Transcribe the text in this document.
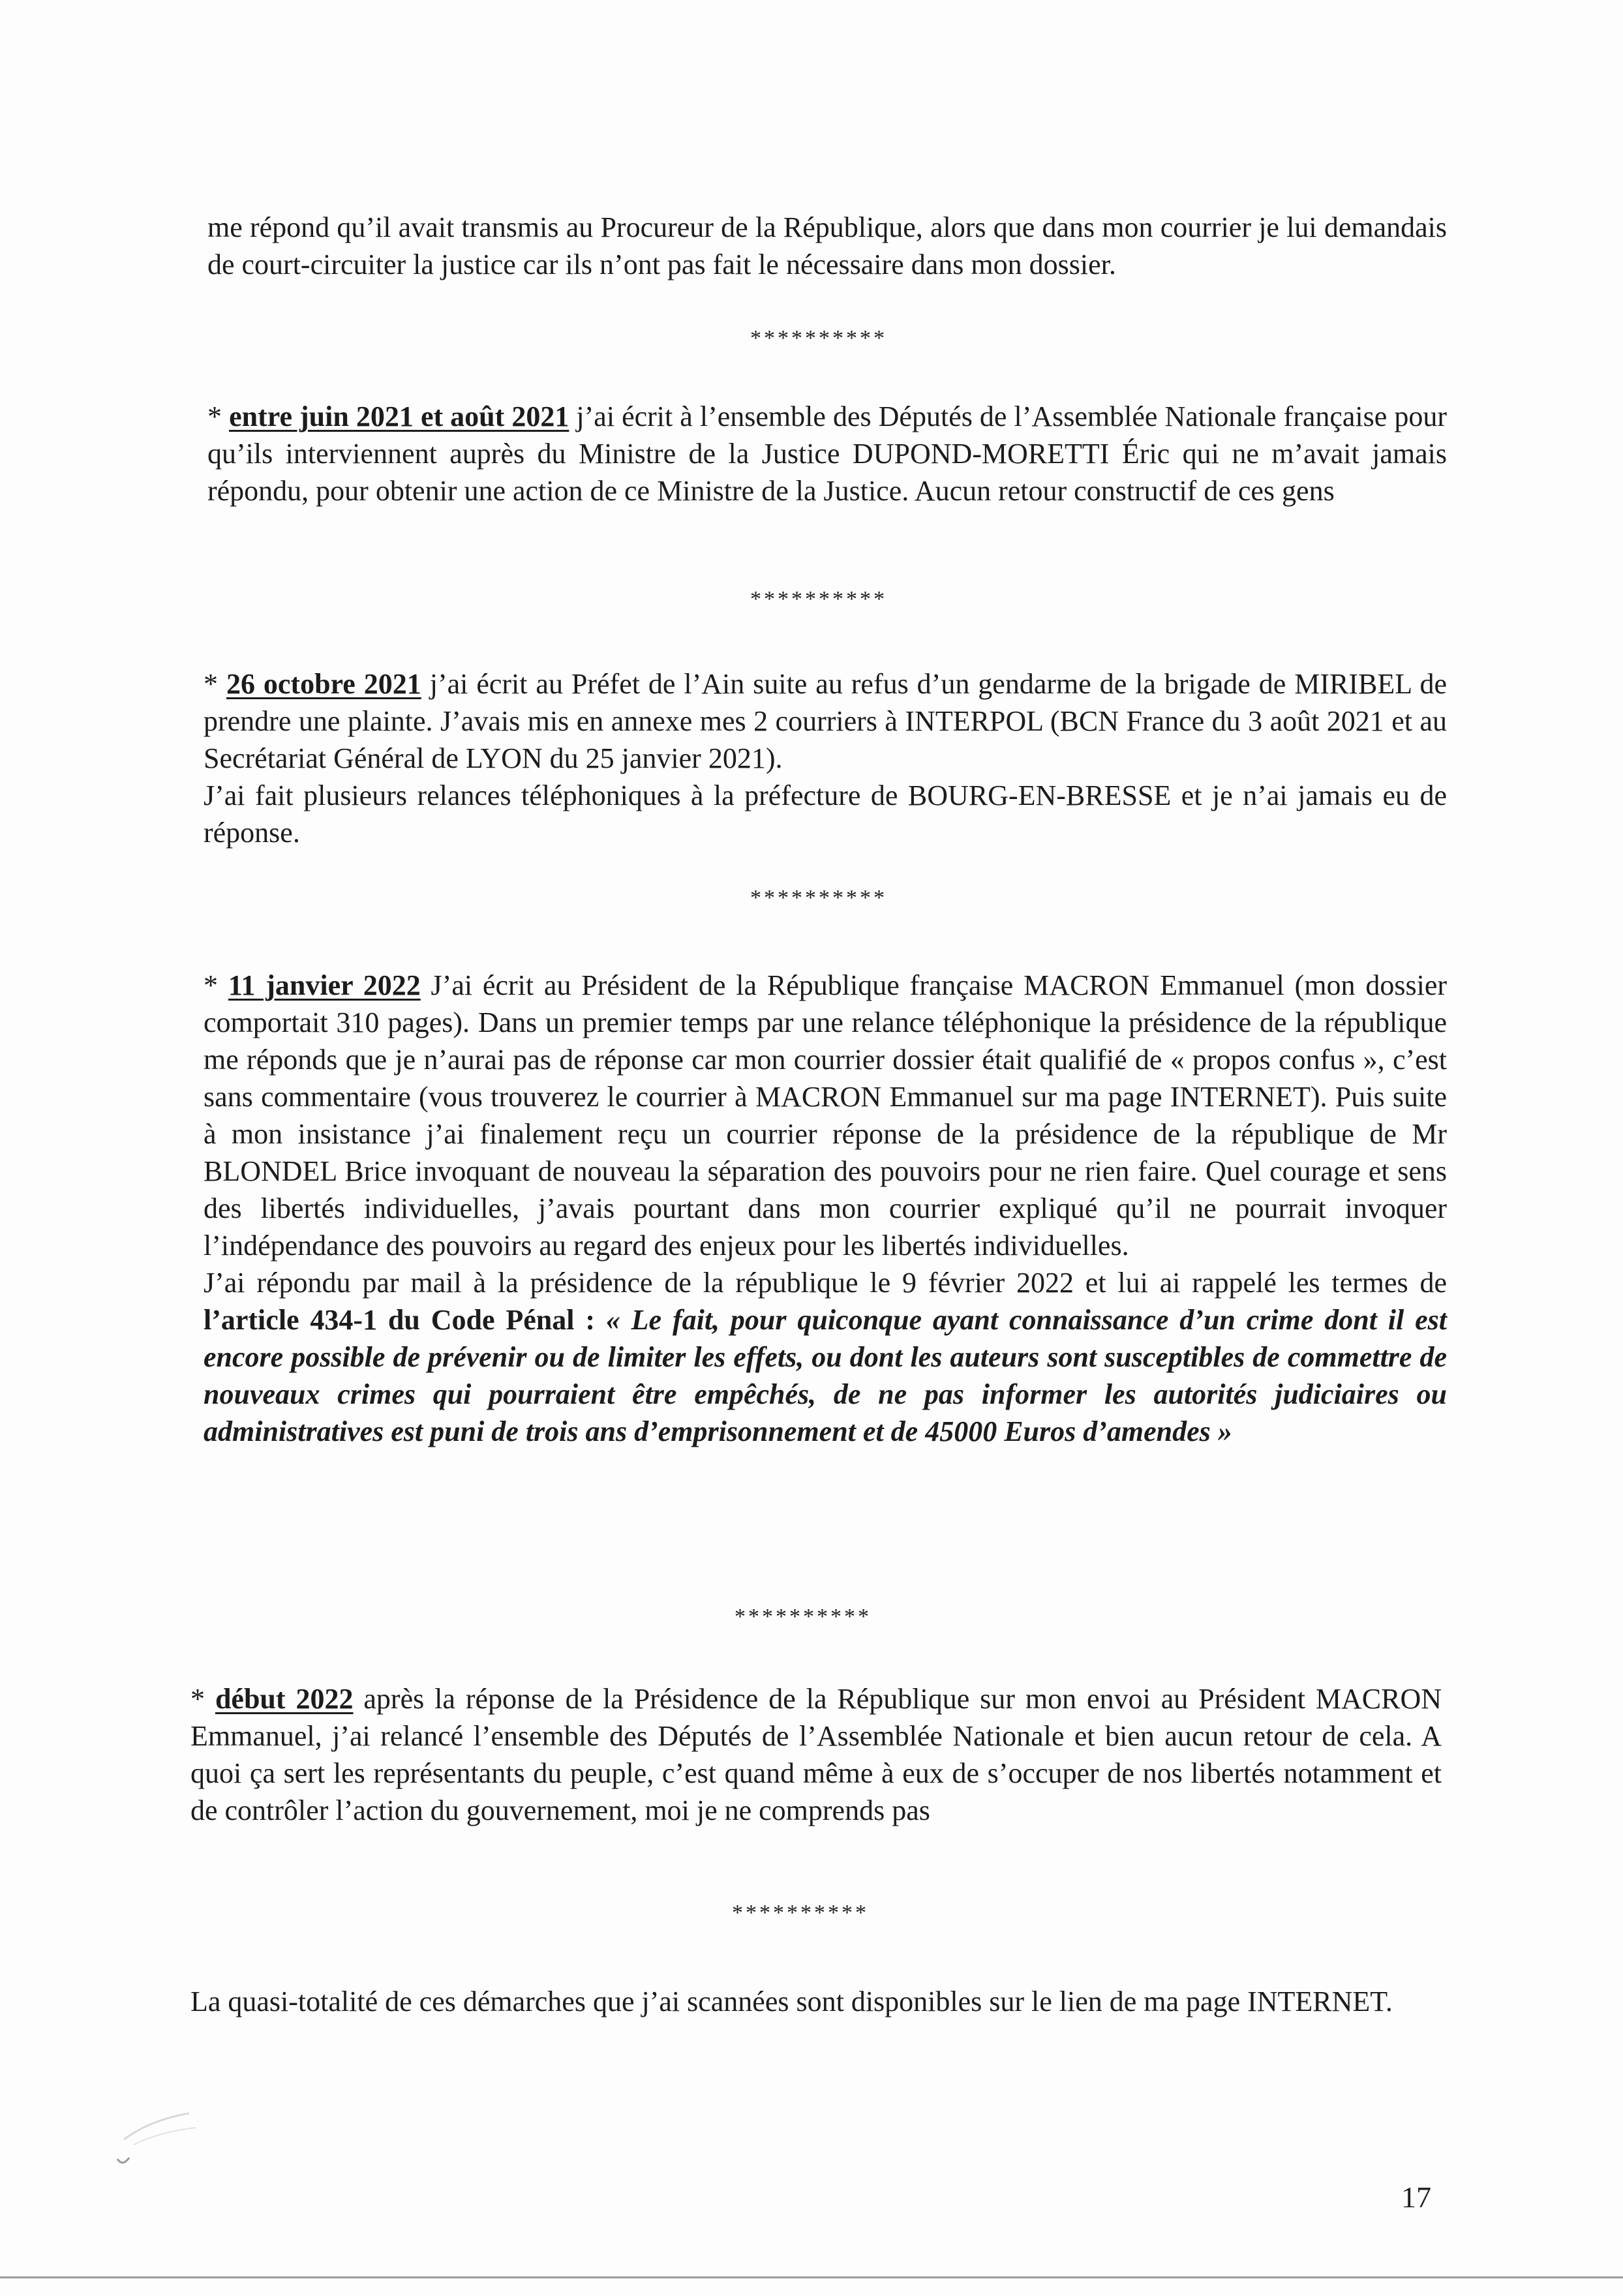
me répond qu’il avait transmis au Procureur de la République, alors que dans mon courrier je lui demandais de court-circuiter la justice car ils n’ont pas fait le nécessaire dans mon dossier.

**********

* entre juin 2021 et août 2021 j’ai écrit à l’ensemble des Députés de l’Assemblée Nationale française pour qu’ils interviennent auprès du Ministre de la Justice DUPOND-MORETTI Éric qui ne m’avait jamais répondu, pour obtenir une action de ce Ministre de la Justice. Aucun retour constructif de ces gens

**********

* 26 octobre 2021 j’ai écrit au Préfet de l’Ain suite au refus d’un gendarme de la brigade de MIRIBEL de prendre une plainte. J’avais mis en annexe mes 2 courriers à INTERPOL (BCN France du 3 août 2021 et au Secrétariat Général de LYON du 25 janvier 2021).
J’ai fait plusieurs relances téléphoniques à la préfecture de BOURG-EN-BRESSE et je n’ai jamais eu de réponse.

**********

* 11 janvier 2022 J’ai écrit au Président de la République française MACRON Emmanuel (mon dossier comportait 310 pages). Dans un premier temps par une relance téléphonique la présidence de la république me réponds que je n’aurai pas de réponse car mon courrier dossier était qualifié de « propos confus », c’est sans commentaire (vous trouverez le courrier à MACRON Emmanuel sur ma page INTERNET). Puis suite à mon insistance j’ai finalement reçu un courrier réponse de la présidence de la république de Mr BLONDEL Brice invoquant de nouveau la séparation des pouvoirs pour ne rien faire. Quel courage et sens des libertés individuelles, j’avais pourtant dans mon courrier expliqué qu’il ne pourrait invoquer l’indépendance des pouvoirs au regard des enjeux pour les libertés individuelles.
J’ai répondu par mail à la présidence de la république le 9 février 2022 et lui ai rappelé les termes de l’article 434-1 du Code Pénal : « Le fait, pour quiconque ayant connaissance d’un crime dont il est encore possible de prévenir ou de limiter les effets, ou dont les auteurs sont susceptibles de commettre de nouveaux crimes qui pourraient être empêchés, de ne pas informer les autorités judiciaires ou administratives est puni de trois ans d’emprisonnement et de 45000 Euros d’amendes »

**********

* début 2022 après la réponse de la Présidence de la République sur mon envoi au Président MACRON Emmanuel, j’ai relancé l’ensemble des Députés de l’Assemblée Nationale et bien aucun retour de cela. A quoi ça sert les représentants du peuple, c’est quand même à eux de s’occuper de nos libertés notamment et de contrôler l’action du gouvernement, moi je ne comprends pas

**********

La quasi-totalité de ces démarches que j’ai scannées sont disponibles sur le lien de ma page INTERNET.

17
